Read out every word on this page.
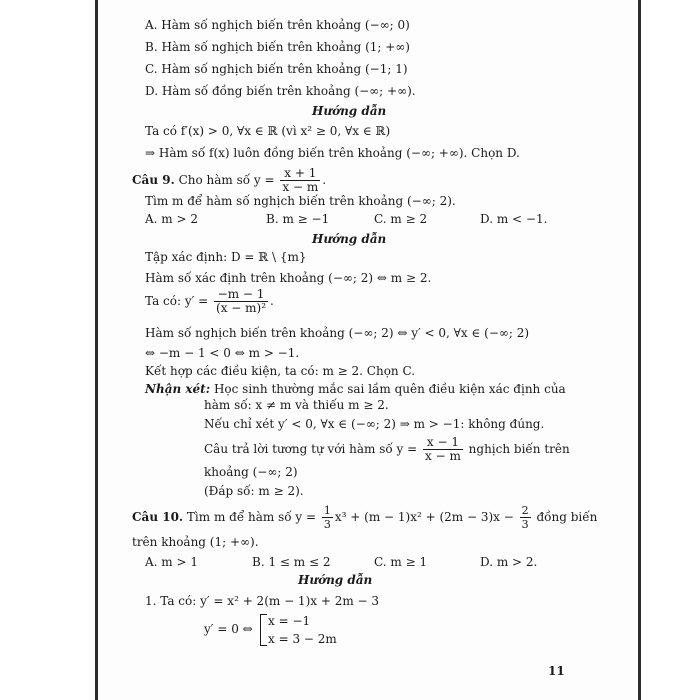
A. Hàm số nghịch biến trên khoảng (−∞; 0)
B. Hàm số nghịch biến trên khoảng (1; +∞)
C. Hàm số nghịch biến trên khoảng (−1; 1)
D. Hàm số đồng biến trên khoảng (−∞; +∞).
Hướng dẫn
Ta có f′(x) > 0, ∀x ∈ ℝ (vì x² ≥ 0, ∀x ∈ ℝ)
⇒ Hàm số f(x) luôn đồng biến trên khoảng (−∞; +∞). Chọn D.
Câu 9. Cho hàm số $y = \frac{x + 1}{x - m}$ .
Tìm m để hàm số nghịch biến trên khoảng (−∞; 2).
A. m > 2	B. m ≥ −1	C. m ≥ 2	D. m < −1.
Hướng dẫn
Tập xác định: D = ℝ \ {m}
Hàm số xác định trên khoảng (−∞; 2) ⇔ m ≥ 2.
Ta có: $y' = \frac{-m - 1}{\text{(x − m)²}}$ .
Hàm số nghịch biến trên khoảng (−∞; 2) ⇔ y′ < 0, ∀x ∈ (−∞; 2)
⇔ −m − 1 < 0 ⇔ m > −1.
Kết hợp các điều kiện, ta có: m ≥ 2. Chọn C.
Nhận xét: Học sinh thường mắc sai lầm quên điều kiện xác định của
hàm số: x ≠ m và thiếu m ≥ 2.
Nếu chỉ xét y′ < 0, ∀x ∈ (−∞; 2) ⇒ m > −1: không đúng.
Câu trả lời tương tự với hàm số $y = \frac{x - 1}{x - m}$ nghịch biến trên
khoảng (−∞; 2)
(Đáp số: m ≥ 2).
Câu 10. Tìm m để hàm số $y = \frac{1}{3} x^3 + (m - 1)x^2 + (2m - 3)x - \frac{2}{3}$ đồng biến
trên khoảng (1; +∞).
A. m > 1	B. 1 ≤ m ≤ 2	C. m ≥ 1	D. m > 2.
Hướng dẫn
1. Ta có: y′ = x² + 2(m − 1)x + 2m − 3
y′ = 0 ⇔
x = −1
x = 3 − 2m
11
